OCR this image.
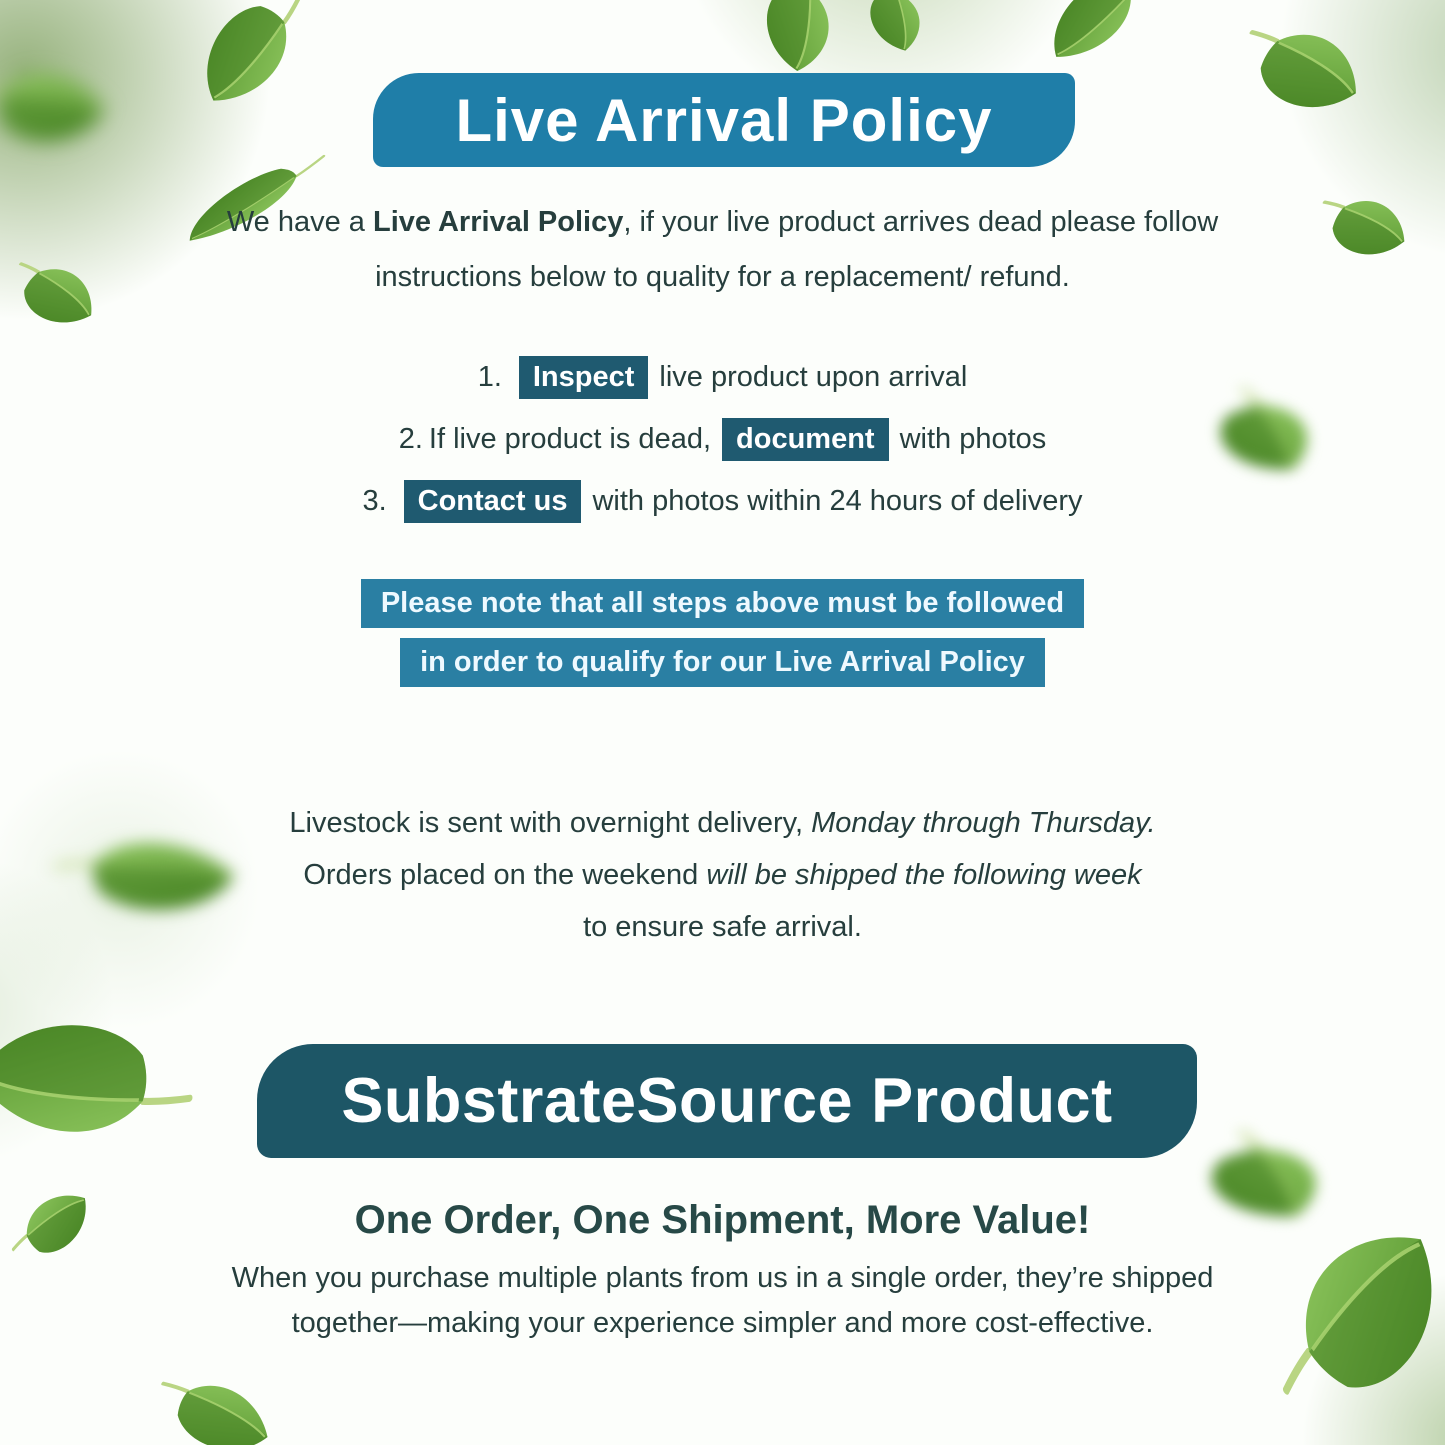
Live Arrival Policy
We have a Live Arrival Policy, if your live product arrives dead please follow
instructions below to quality for a replacement/ refund.
1.	Inspect live product upon arrival
2. If live product is dead, document with photos
3.	Contact us with photos within 24 hours of delivery
Please note that all steps above must be followed
in order to qualify for our Live Arrival Policy
Livestock is sent with overnight delivery, Monday through Thursday.
Orders placed on the weekend will be shipped the following week
to ensure safe arrival.
SubstrateSource Product
One Order, One Shipment, More Value!
When you purchase multiple plants from us in a single order, they’re shipped
together—making your experience simpler and more cost-effective.
